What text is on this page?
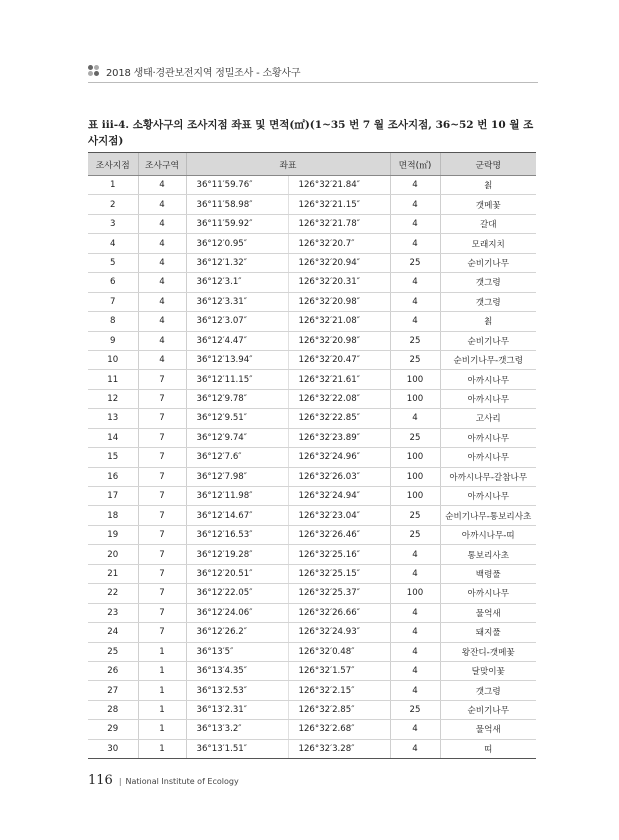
2018 생태·경관보전지역 정밀조사 - 소황사구
표 iii-4. 소황사구의 조사지점 좌표 및 면적(㎡)(1~35 번 7 월 조사지점, 36~52 번 10 월 조사지점)
조사지점	조사구역	좌표		면적(㎡)	군락명
1	4	36°11′59.76″	126°32′21.84″	4	칡
2	4	36°11′58.98″	126°32′21.15″	4	갯메꽃
3	4	36°11′59.92″	126°32′21.78″	4	갈대
4	4	36°12′0.95″	126°32′20.7″	4	모래지치
5	4	36°12′1.32″	126°32′20.94″	25	순비기나무
6	4	36°12′3.1″	126°32′20.31″	4	갯그령
7	4	36°12′3.31″	126°32′20.98″	4	갯그령
8	4	36°12′3.07″	126°32′21.08″	4	칡
9	4	36°12′4.47″	126°32′20.98″	25	순비기나무
10	4	36°12′13.94″	126°32′20.47″	25	순비기나무-갯그령
11	7	36°12′11.15″	126°32′21.61″	100	아까시나무
12	7	36°12′9.78″	126°32′22.08″	100	아까시나무
13	7	36°12′9.51″	126°32′22.85″	4	고사리
14	7	36°12′9.74″	126°32′23.89″	25	아까시나무
15	7	36°12′7.6″	126°32′24.96″	100	아까시나무
16	7	36°12′7.98″	126°32′26.03″	100	아까시나무-갈참나무
17	7	36°12′11.98″	126°32′24.94″	100	아까시나무
18	7	36°12′14.67″	126°32′23.04″	25	순비기나무-통보리사초
19	7	36°12′16.53″	126°32′26.46″	25	아까시나무-띠
20	7	36°12′19.28″	126°32′25.16″	4	통보리사초
21	7	36°12′20.51″	126°32′25.15″	4	백령풀
22	7	36°12′22.05″	126°32′25.37″	100	아까시나무
23	7	36°12′24.06″	126°32′26.66″	4	물억새
24	7	36°12′26.2″	126°32′24.93″	4	돼지풀
25	1	36°13′5″	126°32′0.48″	4	왕잔디-갯메꽃
26	1	36°13′4.35″	126°32′1.57″	4	달맞이꽃
27	1	36°13′2.53″	126°32′2.15″	4	갯그령
28	1	36°13′2.31″	126°32′2.85″	25	순비기나무
29	1	36°13′3.2″	126°32′2.68″	4	물억새
30	1	36°13′1.51″	126°32′3.28″	4	띠
116 | National Institute of Ecology
